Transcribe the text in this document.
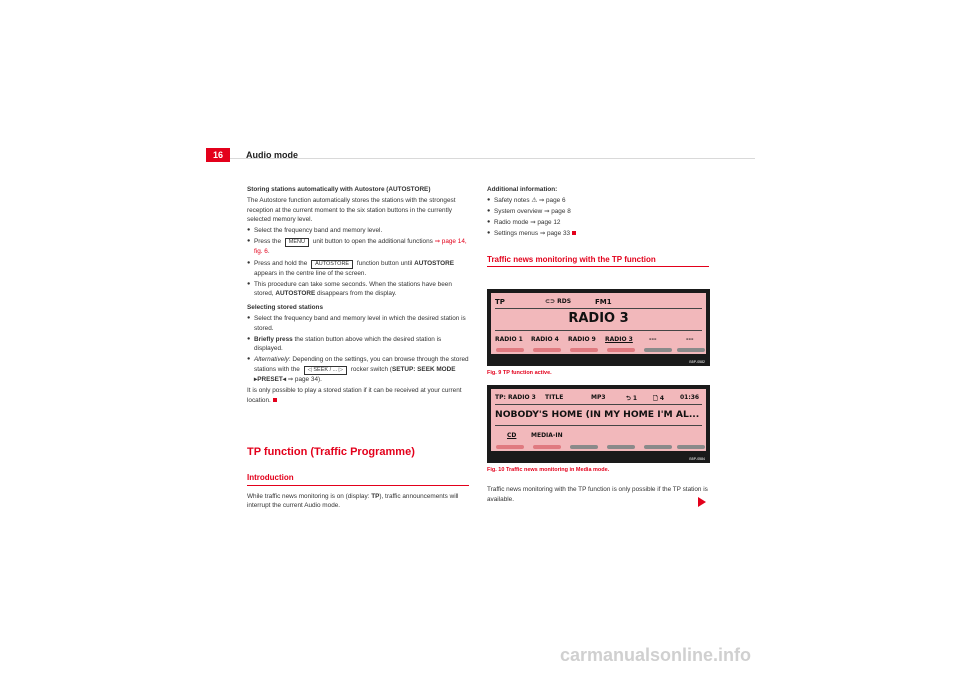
16	Audio mode

Storing stations automatically with Autostore (AUTOSTORE)

The Autostore function automatically stores the stations with the strongest reception at the current moment to the six station buttons in the currently selected memory level.

● Select the frequency band and memory level.

● Press the MENU unit button to open the additional functions ⇒ page 14, fig. 6.

● Press and hold the AUTOSTORE function button until AUTOSTORE appears in the centre line of the screen.

● This procedure can take some seconds. When the stations have been stored, AUTOSTORE disappears from the display.

Selecting stored stations

● Select the frequency band and memory level in which the desired station is stored.

● Briefly press the station button above which the desired station is displayed.

● Alternatively: Depending on the settings, you can browse through the stored stations with the ◁ SEEK / ... ▷ rocker switch (SETUP: SEEK MODE ▸PRESET◂ ⇒ page 34).

It is only possible to play a stored station if it can be received at your current location.

TP function (Traffic Programme)

Introduction

While traffic news monitoring is on (display: TP), traffic announcements will interrupt the current Audio mode.

Additional information:

● Safety notes ⚠ ⇒ page 6

● System overview ⇒ page 8

● Radio mode ⇒ page 12

● Settings menus ⇒ page 33

Traffic news monitoring with the TP function

TP	⊂⊃ RDS	FM1
RADIO 3
RADIO 1 RADIO 4 RADIO 9 RADIO 3	---	---
B5P-0582
Fig. 9 TP function active.
TP: RADIO 3 TITLE	MP3	⮌ 1	🗋 4	01:36
NOBODY'S HOME (IN MY HOME I'M AL...
CD MEDIA-IN
B5P-0584
Fig. 10 Traffic news monitoring in Media mode.

Traffic news monitoring with the TP function is only possible if the TP station is available.

carmanualsonline.info
